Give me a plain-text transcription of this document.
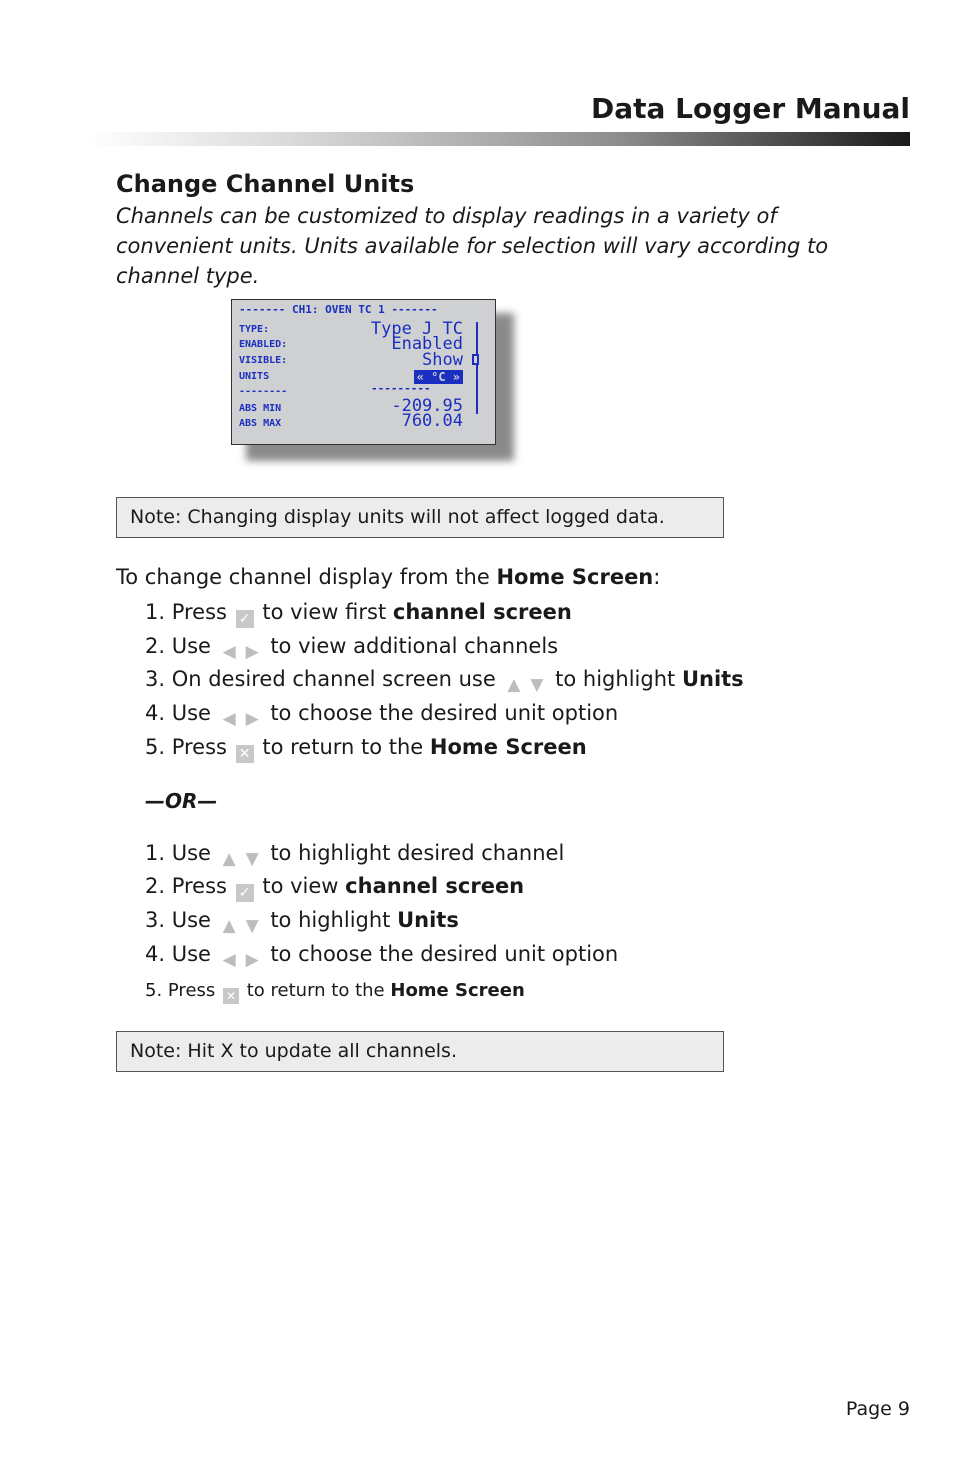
Data Logger Manual
Change Channel Units
Channels can be customized to display readings in a variety of convenient units. Units available for selection will vary according to channel type.
------- CH1: OVEN TC 1 -------
TYPE:
ENABLED:
VISIBLE:
UNITS
--------
ABS MIN
ABS MAX
Type J TC
Enabled
Show
« °C »
---------
-209.95
760.04
Note: Changing display units will not affect logged data.
To change channel display from the Home Screen:
1. Press ✓ to view first channel screen
2. Use ◀ ▶ to view additional channels
3. On desired channel screen use ▲ ▼ to highlight Units
4. Use ◀ ▶ to choose the desired unit option
5. Press ✕ to return to the Home Screen
—OR—
1. Use ▲ ▼ to highlight desired channel
2. Press ✓ to view channel screen
3. Use ▲ ▼ to highlight Units
4. Use ◀ ▶ to choose the desired unit option
5. Press ✕ to return to the Home Screen
Note: Hit X to update all channels.
Page 9
